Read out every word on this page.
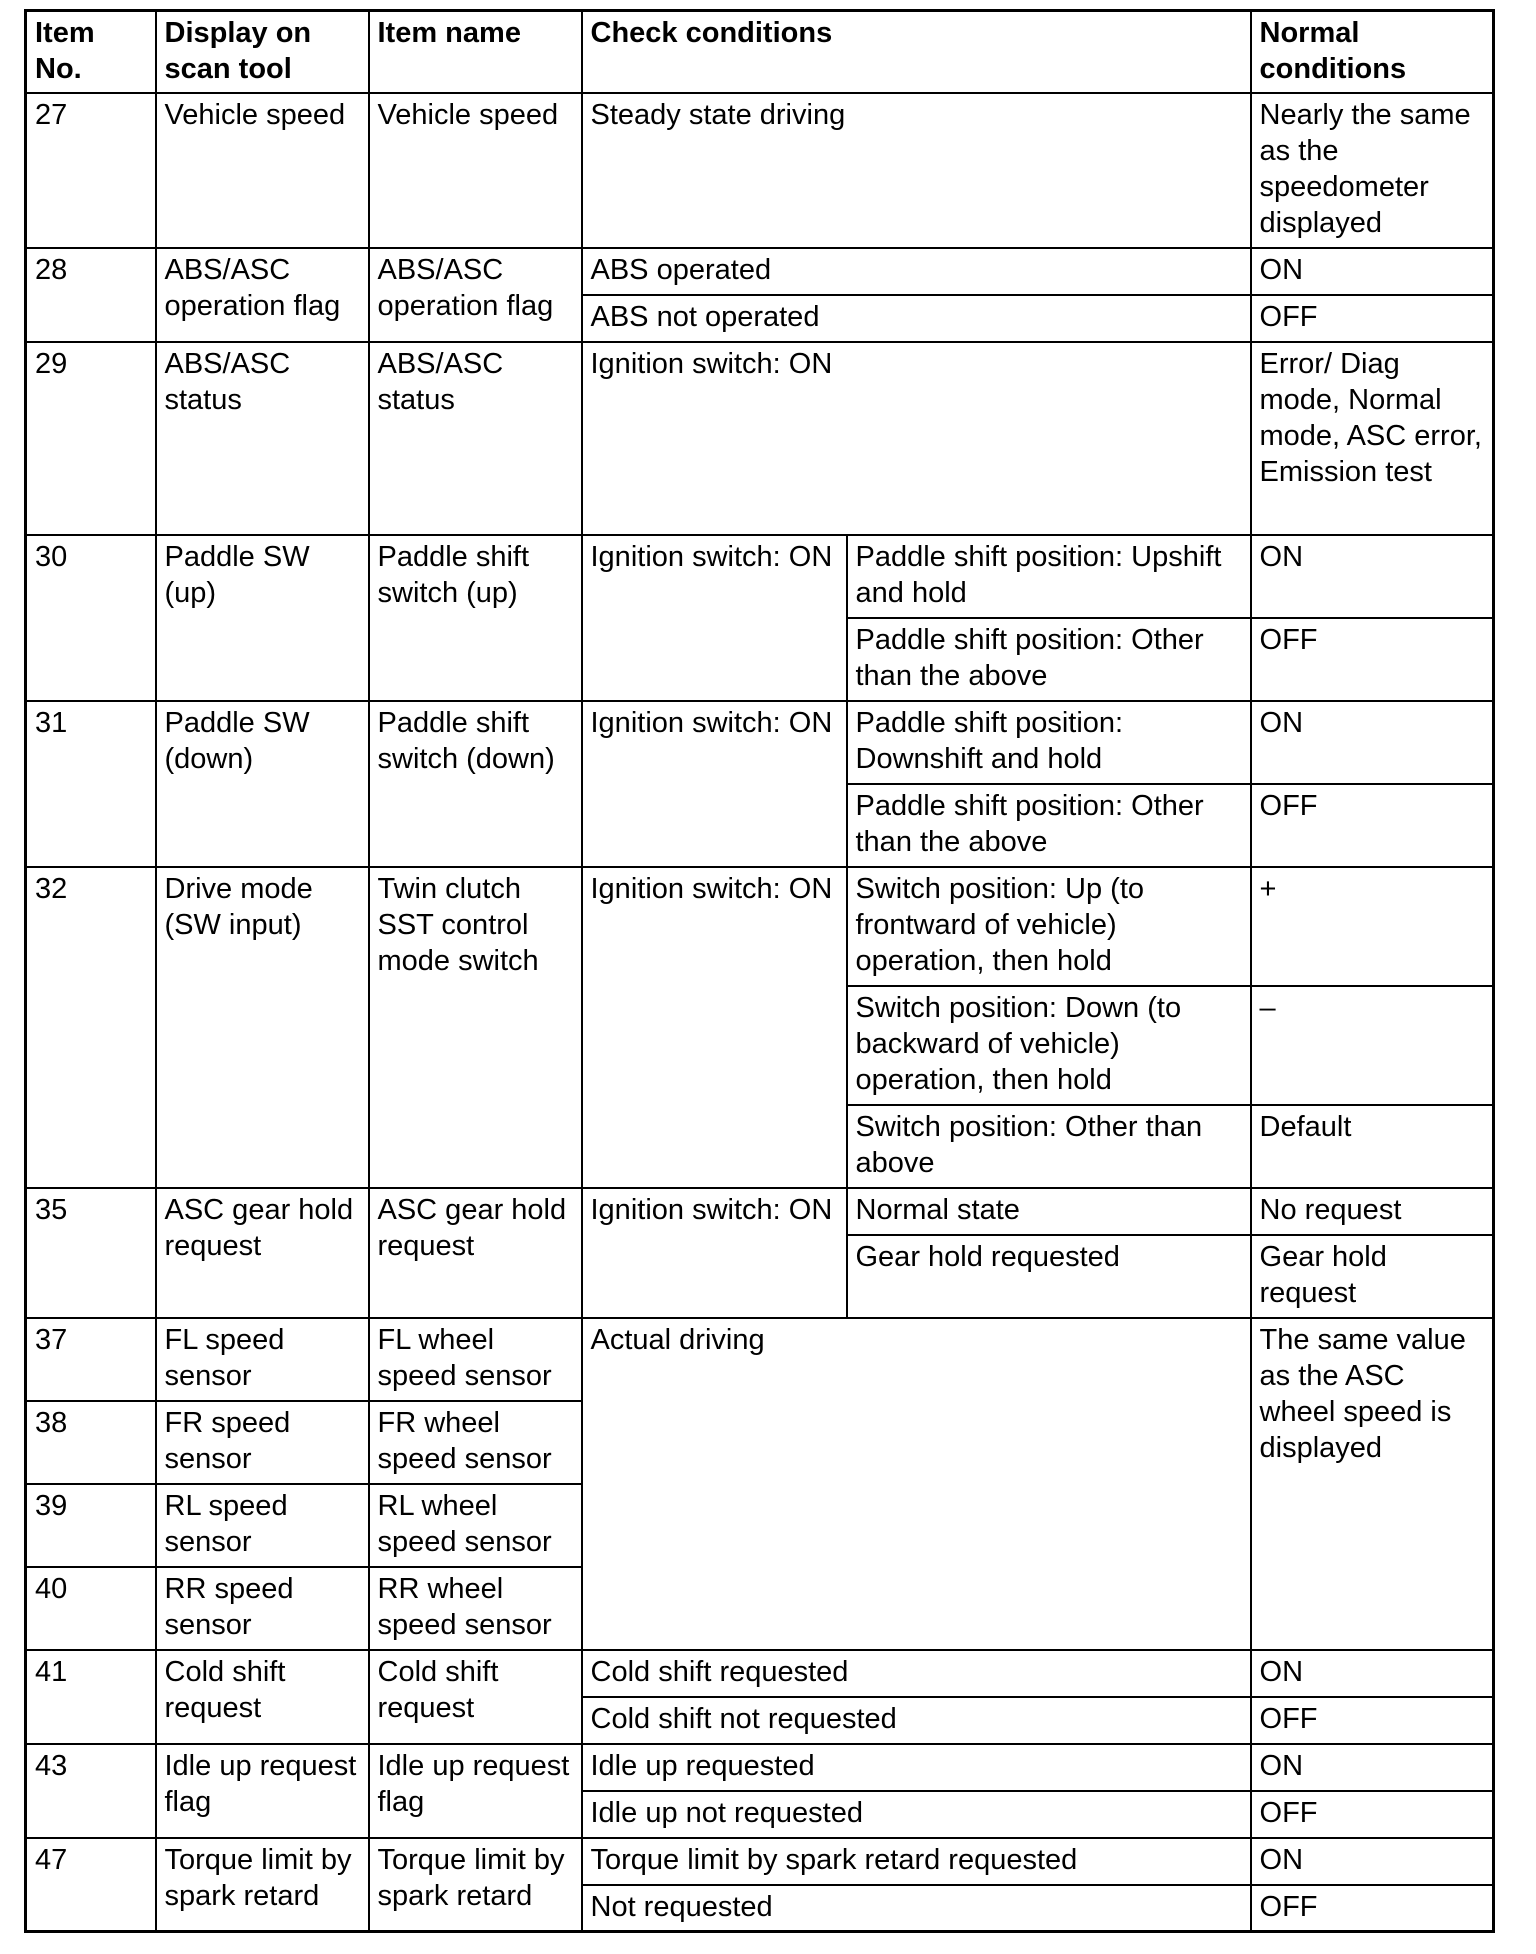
Item No.	Display on scan tool	Item name	Check conditions		Normal conditions
27	Vehicle speed	Vehicle speed	Steady state driving		Nearly the same as the speedometer displayed
28	ABS/ASC operation flag	ABS/ASC operation flag	ABS operated		ON
			ABS not operated		OFF
29	ABS/ASC status	ABS/ASC status	Ignition switch: ON		Error/ Diag mode, Normal mode, ASC error, Emission test
30	Paddle SW (up)	Paddle shift switch (up)	Ignition switch: ON	Paddle shift position: Upshift and hold	ON
				Paddle shift position: Other than the above	OFF
31	Paddle SW (down)	Paddle shift switch (down)	Ignition switch: ON	Paddle shift position: Downshift and hold	ON
				Paddle shift position: Other than the above	OFF
32	Drive mode (SW input)	Twin clutch SST control mode switch	Ignition switch: ON	Switch position: Up (to frontward of vehicle) operation, then hold	+
				Switch position: Down (to backward of vehicle) operation, then hold	–
				Switch position: Other than above	Default
35	ASC gear hold request	ASC gear hold request	Ignition switch: ON	Normal state	No request
				Gear hold requested	Gear hold request
37	FL speed sensor	FL wheel speed sensor	Actual driving		The same value as the ASC wheel speed is displayed
38	FR speed sensor	FR wheel speed sensor			
39	RL speed sensor	RL wheel speed sensor			
40	RR speed sensor	RR wheel speed sensor			
41	Cold shift request	Cold shift request	Cold shift requested		ON
			Cold shift not requested		OFF
43	Idle up request flag	Idle up request flag	Idle up requested		ON
			Idle up not requested		OFF
47	Torque limit by spark retard	Torque limit by spark retard	Torque limit by spark retard requested		ON
			Not requested		OFF
